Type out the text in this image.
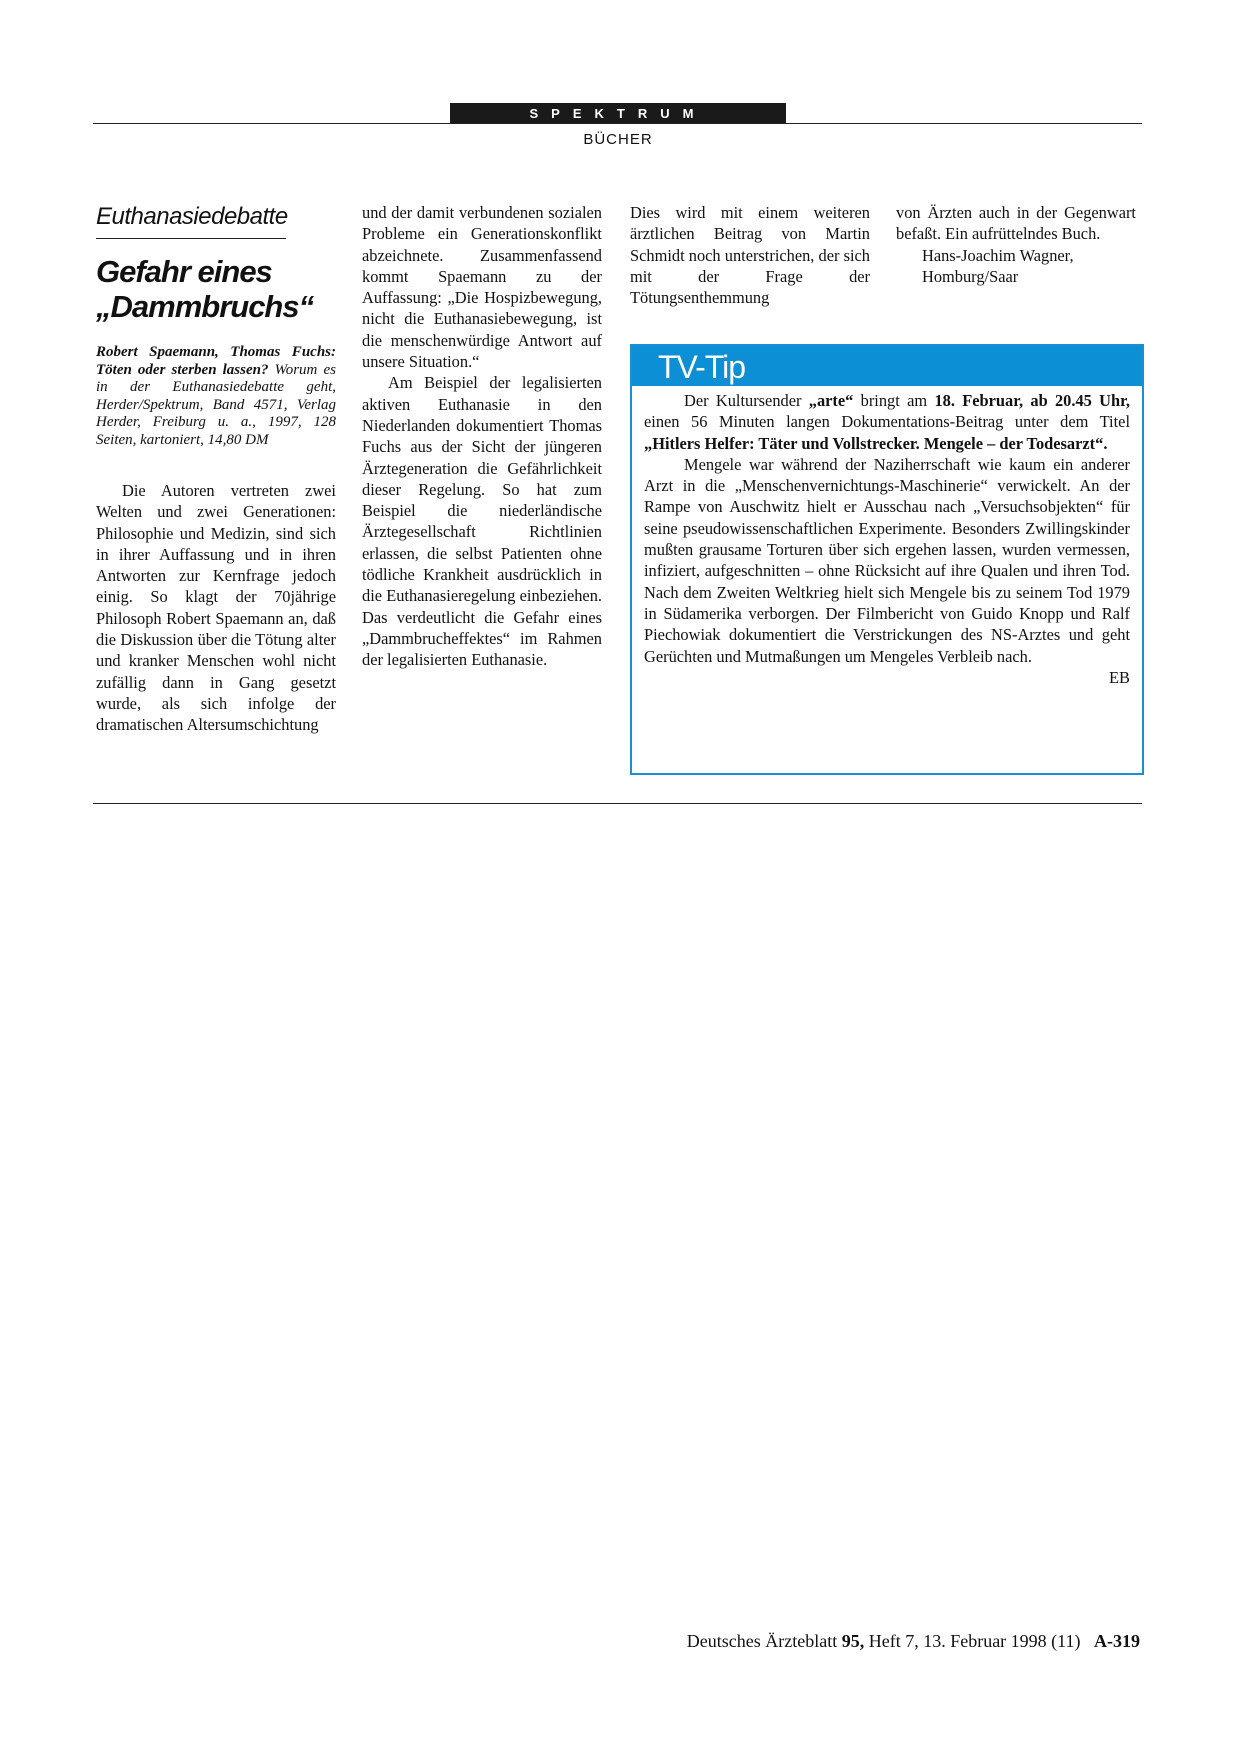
SPEKTRUM
BÜCHER
Euthanasiedebatte
Gefahr eines
„Dammbruchs“
Robert Spaemann, Thomas Fuchs: Töten oder sterben lassen? Worum es in der Euthanasiedebatte geht, Herder/Spektrum, Band 4571, Verlag Herder, Freiburg u. a., 1997, 128 Seiten, kartoniert, 14,80 DM

Die Autoren vertreten zwei Welten und zwei Generationen: Philosophie und Medizin, sind sich in ihrer Auffassung und in ihren Antworten zur Kernfrage jedoch einig. So klagt der 70jährige Philosoph Robert Spaemann an, daß die Diskussion über die Tötung alter und kranker Menschen wohl nicht zufällig dann in Gang gesetzt wurde, als sich infolge der dramatischen Altersumschichtung

und der damit verbundenen sozialen Probleme ein Generationskonflikt abzeichnete. Zusammenfassend kommt Spaemann zu der Auffassung: „Die Hospizbewegung, nicht die Euthanasiebewegung, ist die menschenwürdige Antwort auf unsere Situation.“

Am Beispiel der legalisierten aktiven Euthanasie in den Niederlanden dokumentiert Thomas Fuchs aus der Sicht der jüngeren Ärztegeneration die Gefährlichkeit dieser Regelung. So hat zum Beispiel die niederländische Ärztegesellschaft Richtlinien erlassen, die selbst Patienten ohne tödliche Krankheit ausdrücklich in die Euthanasieregelung einbeziehen. Das verdeutlicht die Gefahr eines „Dammbrucheffektes“ im Rahmen der legalisierten Euthanasie.

Dies wird mit einem weiteren ärztlichen Beitrag von Martin Schmidt noch unterstrichen, der sich mit der Frage der Tötungsenthemmung

von Ärzten auch in der Gegenwart befaßt. Ein aufrüttelndes Buch.

Hans-Joachim Wagner,

Homburg/Saar

TV-Tip

Der Kultursender „arte“ bringt am 18. Februar, ab 20.45 Uhr, einen 56 Minuten langen Dokumentations-Beitrag unter dem Titel „Hitlers Helfer: Täter und Vollstrecker. Mengele – der Todesarzt“.

Mengele war während der Naziherrschaft wie kaum ein anderer Arzt in die „Menschenvernichtungs-Maschinerie“ verwickelt. An der Rampe von Auschwitz hielt er Ausschau nach „Versuchsobjekten“ für seine pseudowissenschaftlichen Experimente. Besonders Zwillingskinder mußten grausame Torturen über sich ergehen lassen, wurden vermessen, infiziert, aufgeschnitten – ohne Rücksicht auf ihre Qualen und ihren Tod. Nach dem Zweiten Weltkrieg hielt sich Mengele bis zu seinem Tod 1979 in Südamerika verborgen. Der Filmbericht von Guido Knopp und Ralf Piechowiak dokumentiert die Verstrickungen des NS-Arztes und geht Gerüchten und Mutmaßungen um Mengeles Verbleib nach.

EB
Deutsches Ärzteblatt 95, Heft 7, 13. Februar 1998 (11) A-319
